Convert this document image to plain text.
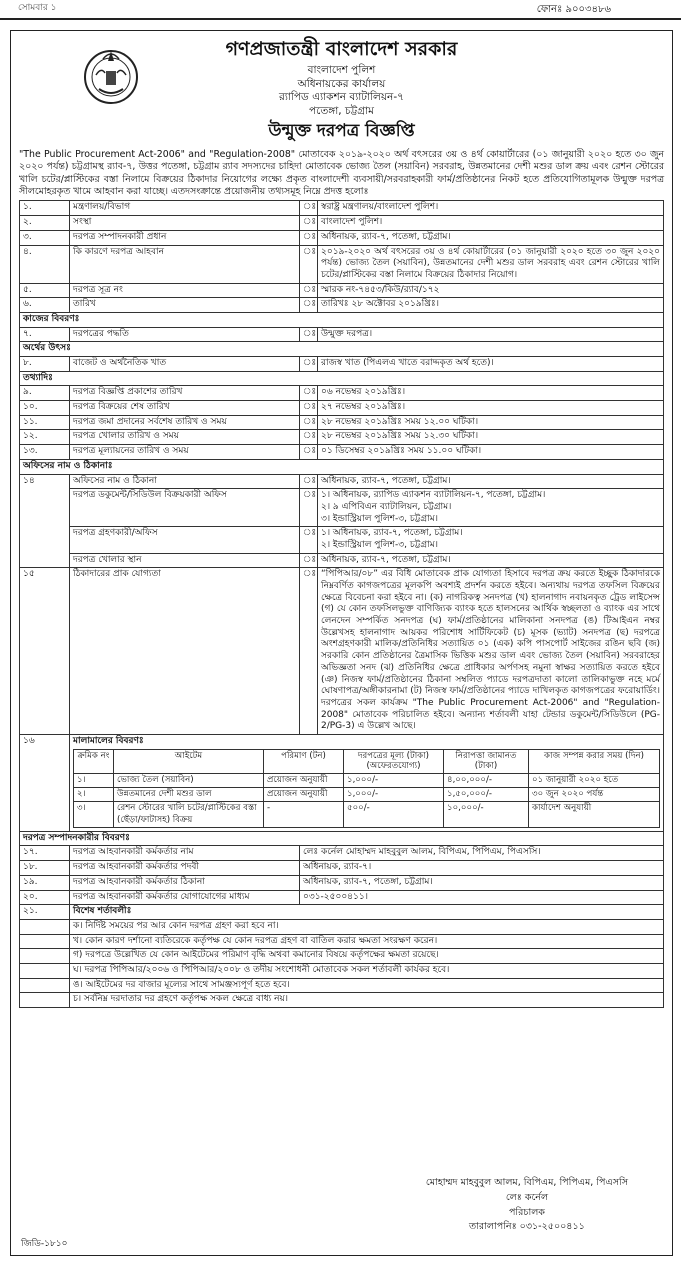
সোমবার ১	ফোনঃ ৯০০৩৪৮৬
গণপ্রজাতন্ত্রী বাংলাদেশ সরকার
বাংলাদেশ পুলিশ
অধিনায়কের কার্যালয়
র‍্যাপিড এ্যাকশন ব্যাটালিয়ন-৭
পতেঙ্গা, চট্টগ্রাম
উন্মুক্ত দরপত্র বিজ্ঞপ্তি
"The Public Procurement Act-2006" and "Regulation-2008" মোতাবেক ২০১৯-২০২০ অর্থ বৎসরের ৩য় ও ৪র্থ কোয়ার্টারের (০১ জানুয়ারী ২০২০ হতে ৩০ জুন ২০২০ পর্যন্ত) চট্টগ্রামস্থ র‍্যাব-৭, উত্তর পতেঙ্গা, চট্টগ্রাম র‍্যাব সদস্যদের চাহিদা মোতাবেক ভোজ্য তৈল (সয়াবিন) সরবরাহ, উন্নতমানের দেশী মশুর ডাল ক্রয় এবং রেশন স্টোরের খালি চটের/প্লাস্টিকের বস্তা নিলামে বিক্রয়ের ঠিকাদার নিয়োগের লক্ষ্যে প্রকৃত বাংলাদেশী ব্যবসায়ী/সরবরাহকারী ফার্ম/প্রতিষ্ঠানের নিকট হতে প্রতিযোগিতামূলক উন্মুক্ত দরপত্র সীলমোহরকৃত খামে আহবান করা যাচ্ছে। এতদসংক্রান্তে প্রয়োজনীয় তথ্যসমূহ নিম্নে প্রদত্ত হলোঃ
১.	মন্ত্রণালয়/বিভাগ	ঃ	স্বরাষ্ট্র মন্ত্রণালয়/বাংলাদেশ পুলিশ।
২.	সংস্থা	ঃ	বাংলাদেশ পুলিশ।
৩.	দরপত্র সম্পাদনকারী প্রধান	ঃ	অধিনায়ক, র‍্যাব-৭, পতেঙ্গা, চট্টগ্রাম।
৪.	কি কারণে দরপত্র আহবান	ঃ	২০১৯-২০২০ অর্থ বৎসরের ৩য় ও ৪র্থ কোয়ার্টারের (০১ জানুয়ারী ২০২০ হতে ৩০ জুন ২০২০ পর্যন্ত) ভোজ্য তৈল (সয়াবিন), উন্নতমানের দেশী মশুর ডাল সরবরাহ এবং রেশন স্টোরের খালি চটের/প্লাস্টিকের বস্তা নিলামে বিক্রয়ের ঠিকাদার নিয়োগ।
৫.	দরপত্র সূত্র নং	ঃ	স্মারক নং-৭৪৫৩/কিউ/র‍্যাব/১৭২
৬.	তারিখ	ঃ	তারিখঃ ২৮ অক্টোবর ২০১৯খ্রিঃ।
কাজের বিবরণঃ
৭.	দরপত্রের পদ্ধতি	ঃ	উন্মুক্ত দরপত্র।
অর্থের উৎসঃ
৮.	বাজেট ও অর্থনৈতিক খাত	ঃ	রাজস্ব খাত (পিএলএ খাতে বরাদ্দকৃত অর্থ হতে)।
তথ্যাদিঃ
৯.	দরপত্র বিজ্ঞপ্তি প্রকাশের তারিখ	ঃ	০৬ নভেম্বর ২০১৯খ্রিঃ।
১০.	দরপত্র বিক্রয়ের শেষ তারিখ	ঃ	২৭ নভেম্বর ২০১৯খ্রিঃ।
১১.	দরপত্র জমা প্রদানের সর্বশেষ তারিখ ও সময়	ঃ	২৮ নভেম্বর ২০১৯খ্রিঃ সময় ১২.০০ ঘটিকা।
১২.	দরপত্র খোলার তারিখ ও সময়	ঃ	২৮ নভেম্বর ২০১৯খ্রিঃ সময় ১২.৩০ ঘটিকা।
১৩.	দরপত্র মূল্যায়নের তারিখ ও সময়	ঃ	০১ ডিসেম্বর ২০১৯খ্রিঃ সময় ১১.০০ ঘটিকা।
অফিসের নাম ও ঠিকানাঃ
১৪	অফিসের নাম ও ঠিকানা	ঃ	অধিনায়ক, র‍্যাব-৭, পতেঙ্গা, চট্টগ্রাম।
দরপত্র ডকুমেন্ট/সিডিউল বিক্রয়কারী অফিস	ঃ	১। অধিনায়ক, র‍্যাপিড এ্যাকশন ব্যাটালিয়ন-৭, পতেঙ্গা, চট্টগ্রাম।
২। ৯ এপিবিএন ব্যাটালিয়ন, চট্টগ্রাম।
৩। ইন্ডাস্ট্রিয়াল পুলিশ-৩, চট্টগ্রাম।

দরপত্র গ্রহণকারী/অফিস	ঃ	১। অধিনায়ক, র‍্যাব-৭, পতেঙ্গা, চট্টগ্রাম।
২। ইন্ডাস্ট্রিয়াল পুলিশ-৩, চট্টগ্রাম।

দরপত্র খোলার স্থান	ঃ	অধিনায়ক, র‍্যাব-৭, পতেঙ্গা, চট্টগ্রাম।
১৫	ঠিকাদারের প্রাক যোগ্যতা	ঃ	“পিপিআর/০৮” এর বিধি মোতাবেক প্রাক যোগ্যতা হিসাবে দরপত্র ক্রয় করতে ইচ্ছুক ঠিকাদারকে নিম্নবর্ণিত কাগজপত্রের মূলকপি অবশ্যই প্রদর্শন করতে হইবে। অন্যথায় দরপত্র তফসিল বিক্রয়ের ক্ষেত্রে বিবেচনা করা হইবে না। (ক) নাগরিকত্ব সনদপত্র (খ) হালনাগাদ নবায়নকৃত ট্রেড লাইসেন্স (গ) যে কোন তফসিলভুক্ত বাণিজ্যিক ব্যাংক হতে হালসনের আর্থিক স্বচ্ছলতা ও ব্যাংক এর সাথে লেনদেন সম্পর্কিত সনদপত্র (ঘ) ফার্ম/প্রতিষ্ঠানের মালিকানা সনদপত্র (ঙ) টিআইএন নম্বর উল্লেখসহ হালনাগাদ আয়কর পরিশোধ সার্টিফিকেট (চ) মূসক (ভ্যাট) সনদপত্র (ছ) দরপত্রে অংশগ্রহণকারী মালিক/প্রতিনিধির সত্যায়িত ০১ (এক) কপি পাসপোর্ট সাইজের রঙিন ছবি (জ) সরকারি কোন প্রতিষ্ঠানের ত্রৈমাসিক ভিত্তিক মশুর ডাল এবং ভোজ্য তৈল (সয়াবিন) সরবরাহের অভিজ্ঞতা সনদ (ঝ) প্রতিনিধির ক্ষেত্রে প্রাধিকার অর্পণসহ নমুনা স্বাক্ষর সত্যায়িত করতে হইবে (ঞ) নিজস্ব ফার্ম/প্রতিষ্ঠানের ঠিকানা সম্বলিত প্যাডে দরপত্রদাতা কালো তালিকাভুক্ত নহে মর্মে ঘোষণাপত্র/অঙ্গীকারনামা (ট) নিজস্ব ফার্ম/প্রতিষ্ঠানের প্যাডে দাখিলকৃত কাগজপত্রের ফরোয়ার্ডিং। দরপত্রের সকল কার্যক্রম "The Public Procurement Act-2006" and "Regulation-2008" মোতাবেক পরিচালিত হইবে। অন্যান্য শর্তাবলী যাহা টেন্ডার ডকুমেন্ট/সিডিউলে (PG-2/PG-3) এ উল্লেখ আছে।
১৬	মালামালের বিবরণঃ
ক্রমিক নং	আইটেম	পরিমাণ (টন)	দরপত্রের মূল্য (টাকা) (অফেরতযোগ্য)	নিরাপত্তা জামানত (টাকা)	কাজ সম্পন্ন করার সময় (দিন)
১।	ভোজ্য তৈল (সয়াবিন)	প্রয়োজন অনুযায়ী	১,০০০/-	৪,০০,০০০/-	০১ জানুয়ারী ২০২০ হতে
২।	উন্নতমানের দেশী মশুর ডাল	প্রয়োজন অনুযায়ী	১,০০০/-	১,৫০,০০০/-	৩০ জুন ২০২০ পর্যন্ত
৩।	রেশন স্টোরের খালি চটের/প্লাস্টিকের বস্তা (ছেঁড়া/ফাটাসহ) বিক্রয়	-	৫০০/-	১০,০০০/-	কার্যাদেশ অনুযায়ী

দরপত্র সম্পাদনকারীর বিবরণঃ
১৭.	দরপত্র আহবানকারী কর্মকর্তার নাম	লেঃ কর্নেল মোহাম্মদ মাহবুবুল আলম, বিপিএম, পিপিএম, পিএসসি।
১৮.	দরপত্র আহবানকারী কর্মকর্তার পদবী	অধিনায়ক, র‍্যাব-৭।
১৯.	দরপত্র আহবানকারী কর্মকর্তার ঠিকানা	অধিনায়ক, র‍্যাব-৭, পতেঙ্গা, চট্টগ্রাম।
২০.	দরপত্র আহবানকারী কর্মকর্তার যোগাযোগের মাধ্যম	০৩১-২৫০০৪১১।
২১.	বিশেষ শর্তাবলীঃ
	ক। নির্দিষ্ট সময়ের পর আর কোন দরপত্র গ্রহণ করা হবে না।
	খ। কোন কারণ দর্শানো ব্যতিরেকে কর্তৃপক্ষ যে কোন দরপত্র গ্রহণ বা বাতিল করার ক্ষমতা সংরক্ষণ করেন।
	গ) দরপত্রে উল্লেখিত যে কোন আইটেমের পরিমাণ বৃদ্ধি অথবা কমানোর বিষয়ে কর্তৃপক্ষের ক্ষমতা রয়েছে।
	ঘ। দরপত্র পিপিআর/২০০৬ ও পিপিআর/২০০৮ ও তদীয় সংশোধনী মোতাবেক সকল শর্তাবলী কার্যকর হবে।
	ঙ। আইটেমের দর বাজার মূল্যের সাথে সামঞ্জস্যপূর্ণ হতে হবে।
	চ। সর্বনিম্ন দরদাতার দর গ্রহণে কর্তৃপক্ষ সকল ক্ষেত্রে বাধ্য নয়।
মোহাম্মদ মাহবুবুল আলম, বিপিএম, পিপিএম, পিএসসি
লেঃ কর্নেল
পরিচালক
তারালাপনিঃ ০৩১-২৫০০৪১১
জিডি-১৮১০
